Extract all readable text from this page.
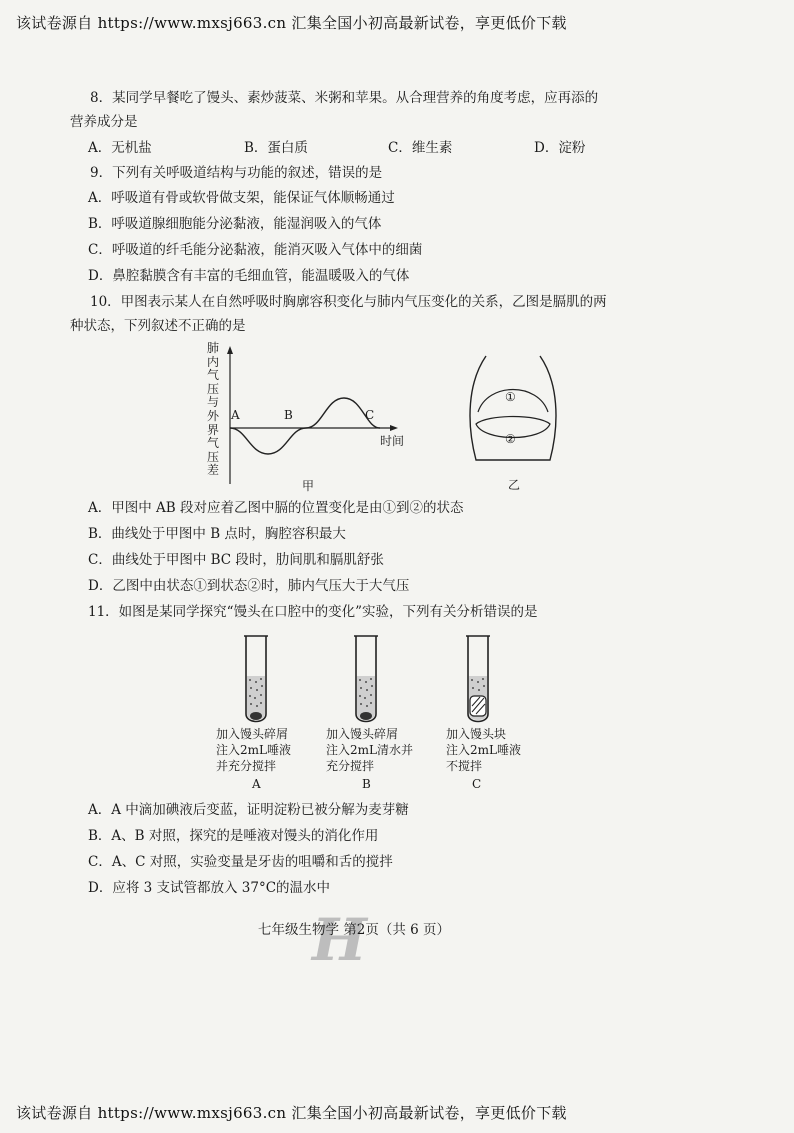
该试卷源自 https://www.mxsj663.cn 汇集全国小初高最新试卷，享更低价下载
8．某同学早餐吃了馒头、素炒菠菜、米粥和苹果。从合理营养的角度考虑，应再添的
营养成分是
A．无机盐	B．蛋白质	C．维生素	D．淀粉
9．下列有关呼吸道结构与功能的叙述，错误的是
A．呼吸道有骨或软骨做支架，能保证气体顺畅通过
B．呼吸道腺细胞能分泌黏液，能湿润吸入的气体
C．呼吸道的纤毛能分泌黏液，能消灭吸入气体中的细菌
D．鼻腔黏膜含有丰富的毛细血管，能温暖吸入的气体
10．甲图表示某人在自然呼吸时胸廓容积变化与肺内气压变化的关系，乙图是膈肌的两
种状态，下列叙述不正确的是
肺 内 气 压 与 外 界 气 压 差
A	B	C
时间
甲
①
②
乙
A．甲图中 AB 段对应着乙图中膈的位置变化是由①到②的状态
B．曲线处于甲图中 B 点时，胸腔容积最大
C．曲线处于甲图中 BC 段时，肋间肌和膈肌舒张
D．乙图中由状态①到状态②时，肺内气压大于大气压
11．如图是某同学探究“馒头在口腔中的变化”实验，下列有关分析错误的是
加入馒头碎屑
注入2mL唾液
并充分搅拌
A
加入馒头碎屑
注入2mL清水并
充分搅拌
B
加入馒头块
注入2mL唾液
不搅拌
C
A．A 中滴加碘液后变蓝，证明淀粉已被分解为麦芽糖
B．A、B 对照，探究的是唾液对馒头的消化作用
C．A、C 对照，实验变量是牙齿的咀嚼和舌的搅拌
D．应将 3 支试管都放入 37°C的温水中
H
七年级生物学 第2页（共 6 页）
该试卷源自 https://www.mxsj663.cn 汇集全国小初高最新试卷，享更低价下载
